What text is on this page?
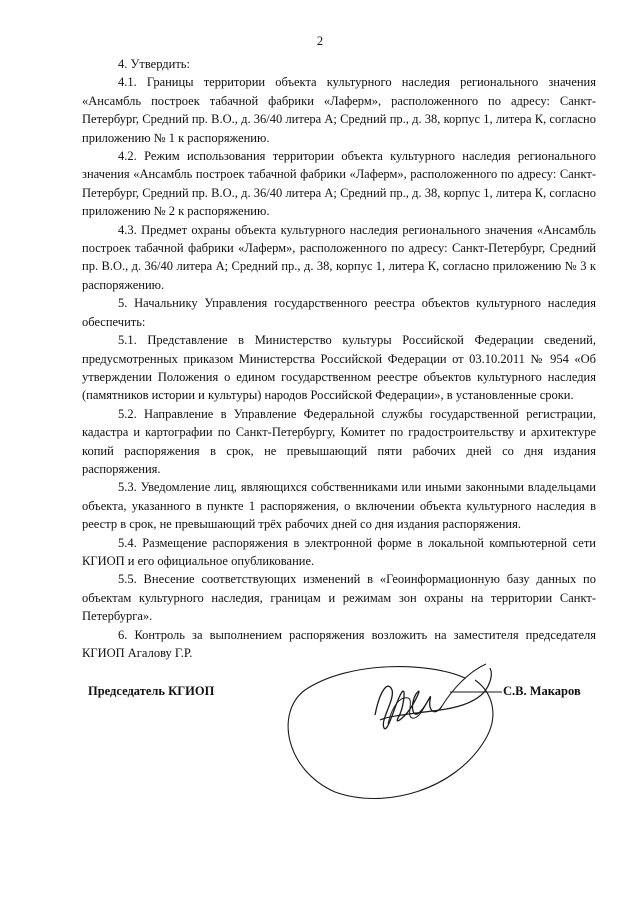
2

4. Утвердить:

4.1. Границы территории объекта культурного наследия регионального значения «Ансамбль построек табачной фабрики «Лаферм», расположенного по адресу: Санкт-Петербург, Средний пр. В.О., д. 36/40 литера А; Средний пр., д. 38, корпус 1, литера К, согласно приложению № 1 к распоряжению.

4.2. Режим использования территории объекта культурного наследия регионального значения «Ансамбль построек табачной фабрики «Лаферм», расположенного по адресу: Санкт- Петербург, Средний пр. В.О., д. 36/40 литера А; Средний пр., д. 38, корпус 1, литера К, согласно приложению № 2 к распоряжению.

4.3. Предмет охраны объекта культурного наследия регионального значения «Ансамбль построек табачной фабрики «Лаферм», расположенного по адресу: Санкт-Петербург, Средний пр. В.О., д. 36/40 литера А; Средний пр., д. 38, корпус 1, литера К, согласно приложению № 3 к распоряжению.

5. Начальнику Управления государственного реестра объектов культурного наследия обеспечить:

5.1. Представление в Министерство культуры Российской Федерации сведений, предусмотренных приказом Министерства Российской Федерации от 03.10.2011 № 954 «Об утверждении Положения о едином государственном реестре объектов культурного наследия (памятников истории и культуры) народов Российской Федерации», в установленные сроки.

5.2. Направление в Управление Федеральной службы государственной регистрации, кадастра и картографии по Санкт-Петербургу, Комитет по градостроительству и архитектуре копий распоряжения в срок, не превышающий пяти рабочих дней со дня издания распоряжения.

5.3. Уведомление лиц, являющихся собственниками или иными законными владельцами объекта, указанного в пункте 1 распоряжения, о включении объекта культурного наследия в реестр в срок, не превышающий трёх рабочих дней со дня издания распоряжения.

5.4. Размещение распоряжения в электронной форме в локальной компьютерной сети КГИОП и его официальное опубликование.

5.5. Внесение соответствующих изменений в «Геоинформационную базу данных по объектам культурного наследия, границам и режимам зон охраны на территории Санкт-Петербурга».

6. Контроль за выполнением распоряжения возложить на заместителя председателя КГИОП Агалову Г.Р.

Председатель КГИОП	С.В. Макаров
